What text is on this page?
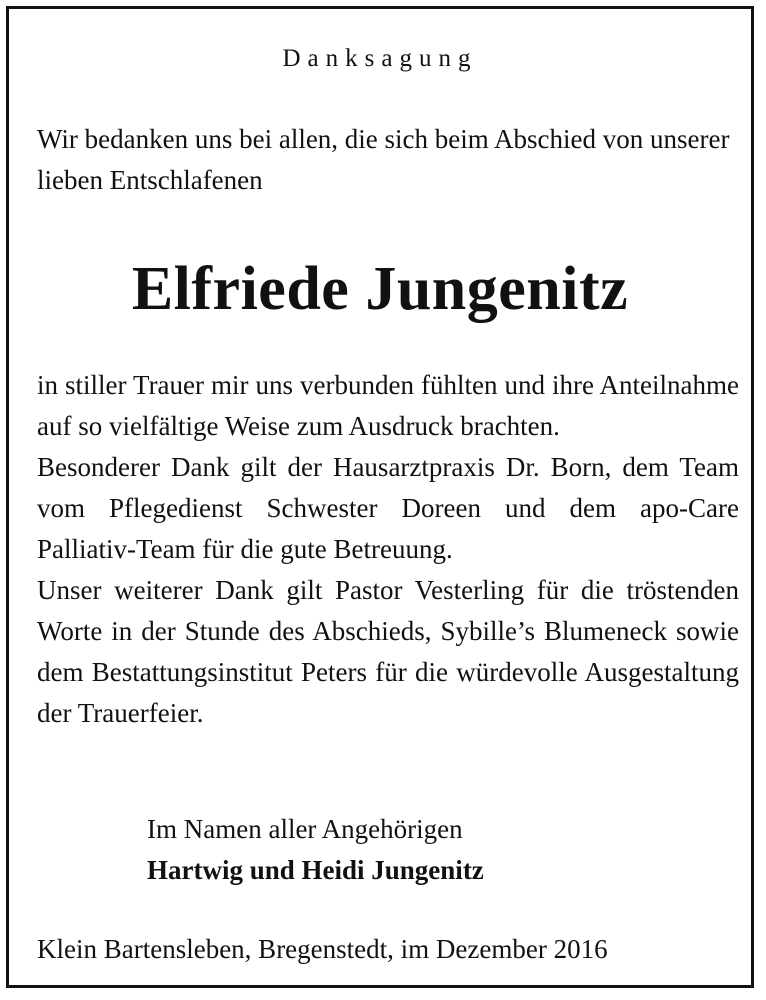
Danksagung
Wir bedanken uns bei allen, die sich beim Abschied von unserer lieben Entschlafenen
Elfriede Jungenitz

in stiller Trauer mir uns verbunden fühlten und ihre Anteilnahme auf so vielfältige Weise zum Ausdruck brachten.

Besonderer Dank gilt der Hausarztpraxis Dr. Born, dem Team vom Pflegedienst Schwester Doreen und dem apo-Care Palliativ-Team für die gute Betreuung.

Unser weiterer Dank gilt Pastor Vesterling für die tröstenden Worte in der Stunde des Abschieds, Sybille’s Blumeneck sowie dem Bestattungsinstitut Peters für die würdevolle Ausgestaltung der Trauerfeier.

Im Namen aller Angehörigen
Hartwig und Heidi Jungenitz
Klein Bartensleben, Bregenstedt, im Dezember 2016
